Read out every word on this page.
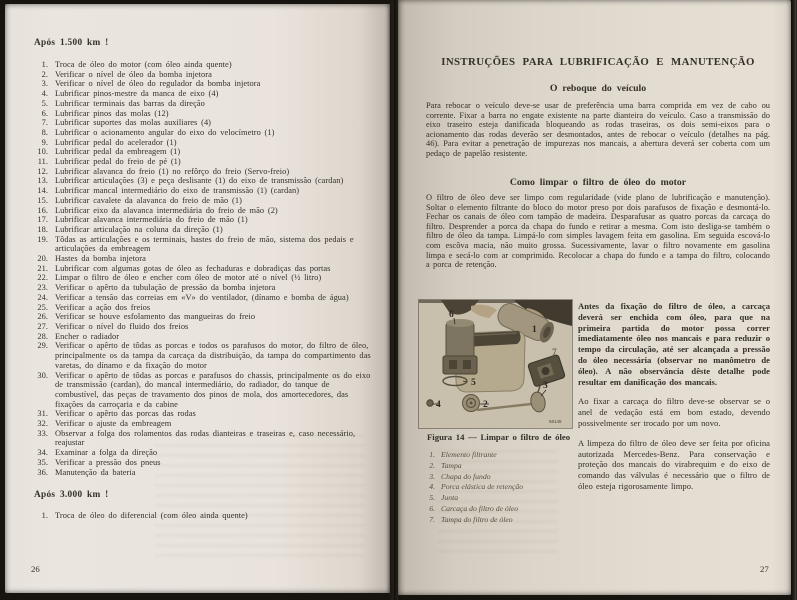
Após 1.500 km !
1. Troca de óleo do motor (com óleo ainda quente)
2. Verificar o nível de óleo da bomba injetora
3. Verificar o nível de óleo do regulador da bomba injetora
4. Lubrificar pinos-mestre da manca de eixo (4)
5. Lubrificar terminais das barras da direção
6. Lubrificar pinos das molas (12)
7. Lubrificar suportes das molas auxiliares (4)
8. Lubrificar o acionamento angular do eixo do velocímetro (1)
9. Lubrificar pedal do acelerador (1)
10. Lubrificar pedal da embreagem (1)
11. Lubrificar pedal do freio de pé (1)
12. Lubrificar alavanca do freio (1) no refôrço do freio (Servo-freio)
13. Lubrificar articulações (3) e peça deslisante (1) do eixo de transmissão (cardan)
14. Lubrificar mancal intermediário do eixo de transmissão (1) (cardan)
15. Lubrificar cavalete da alavanca do freio de mão (1)
16. Lubrificar eixo da alavanca intermediária do freio de mão (2)
17. Lubrificar alavanca intermediária do freio de mão (1)
18. Lubrificar articulação na coluna da direção (1)
19. Tôdas as articulações e os terminais, hastes do freio de mão, sistema dos pedais e articulações da embreagem
20. Hastes da bomba injetora
21. Lubrificar com algumas gotas de óleo as fechaduras e dobradiças das portas
22. Limpar o filtro de óleo e encher com óleo de motor até o nível (½ litro)
23. Verificar o apêrto da tubulação de pressão da bomba injetora
24. Verificar a tensão das correias em «V» do ventilador, (dínamo e bomba de água)
25. Verificar a ação dos freios
26. Verificar se houve esfolamento das mangueiras do freio
27. Verificar o nível do fluido dos freios
28. Encher o radiador
29. Verificar o apêrto de tôdas as porcas e todos os parafusos do motor, do filtro de óleo, principalmente os da tampa da carcaça da distribuição, da tampa do compartimento das varetas, do dínamo e da fixação do motor
30. Verificar o apêrto de tôdas as porcas e parafusos do chassis, principalmente os do eixo de transmissão (cardan), do mancal intermediário, do radiador, do tanque de combustível, das peças de travamento dos pinos de mola, dos amortecedores, das fixações da carroçaria e da cabine
31. Verificar o apêrto das porcas das rodas
32. Verificar o ajuste da embreagem
33. Observar a folga dos rolamentos das rodas dianteiras e traseiras e, caso necessário, reajustar
34. Examinar a folga da direção
35. Verificar a pressão dos pneus
36. Manutenção da bateria
Após 3.000 km !
1. Troca de óleo do diferencial (com óleo ainda quente)
26
INSTRUÇÕES PARA LUBRIFICAÇÃO E MANUTENÇÃO
O reboque do veículo
Para rebocar o veículo deve-se usar de preferência uma barra comprida em vez de cabo ou corrente. Fixar a barra no engate existente na parte dianteira do veículo. Caso a transmissão do eixo traseiro esteja danificada bloqueando as rodas traseiras, os dois semi-eixos para o acionamento das rodas deverão ser desmontados, antes de rebocar o veículo (detalhes na pág. 46). Para evitar a penetração de impurezas nos mancais, a abertura deverá ser coberta com um pedaço de papelão resistente.
Como limpar o filtro de óleo do motor
O filtro de óleo deve ser limpo com regularidade (vide plano de lubrificação e manutenção). Soltar o elemento filtrante do bloco do motor preso por dois parafusos de fixação e desmontá-lo. Fechar os canais de óleo com tampão de madeira. Desparafusar as quatro porcas da carcaça do filtro. Desprender a porca da chapa do fundo e retirar a mesma. Com isto desliga-se também o filtro de óleo da tampa. Limpá-lo com simples lavagem feita em gasolina. Em seguida escová-lo com escôva macia, não muito grossa. Sucessivamente, lavar o filtro novamente em gasolina limpa e secá-lo com ar comprimido. Recolocar a chapa do fundo e a tampa do filtro, colocando a porca de retenção.
1
2
3
4
5
6
7
58145
Figura 14 — Limpar o filtro de óleo
1. Elemento filtrante
2. Tampa
3. Chapa do fundo
4. Porca elástica de retenção
5. Junta
6. Carcaça do filtro de óleo
7. Tampa do filtro de óleo

Antes da fixação do filtro de óleo, a carcaça deverá ser enchida com óleo, para que na primeira partida do motor possa correr imediatamente óleo nos mancais e para reduzir o tempo da circulação, até ser alcançada a pressão do óleo necessária (observar no manômetro de óleo). A não observância dêste detalhe pode resultar em danificação dos mancais.

Ao fixar a carcaça do filtro deve-se observar se o anel de vedação está em bom estado, devendo possivelmente ser trocado por um novo.

A limpeza do filtro de óleo deve ser feita por oficina autorizada Mercedes-Benz. Para conservação e proteção dos mancais do virabrequim e do eixo de comando das válvulas é necessário que o filtro de óleo esteja rigorosamente limpo.

27
